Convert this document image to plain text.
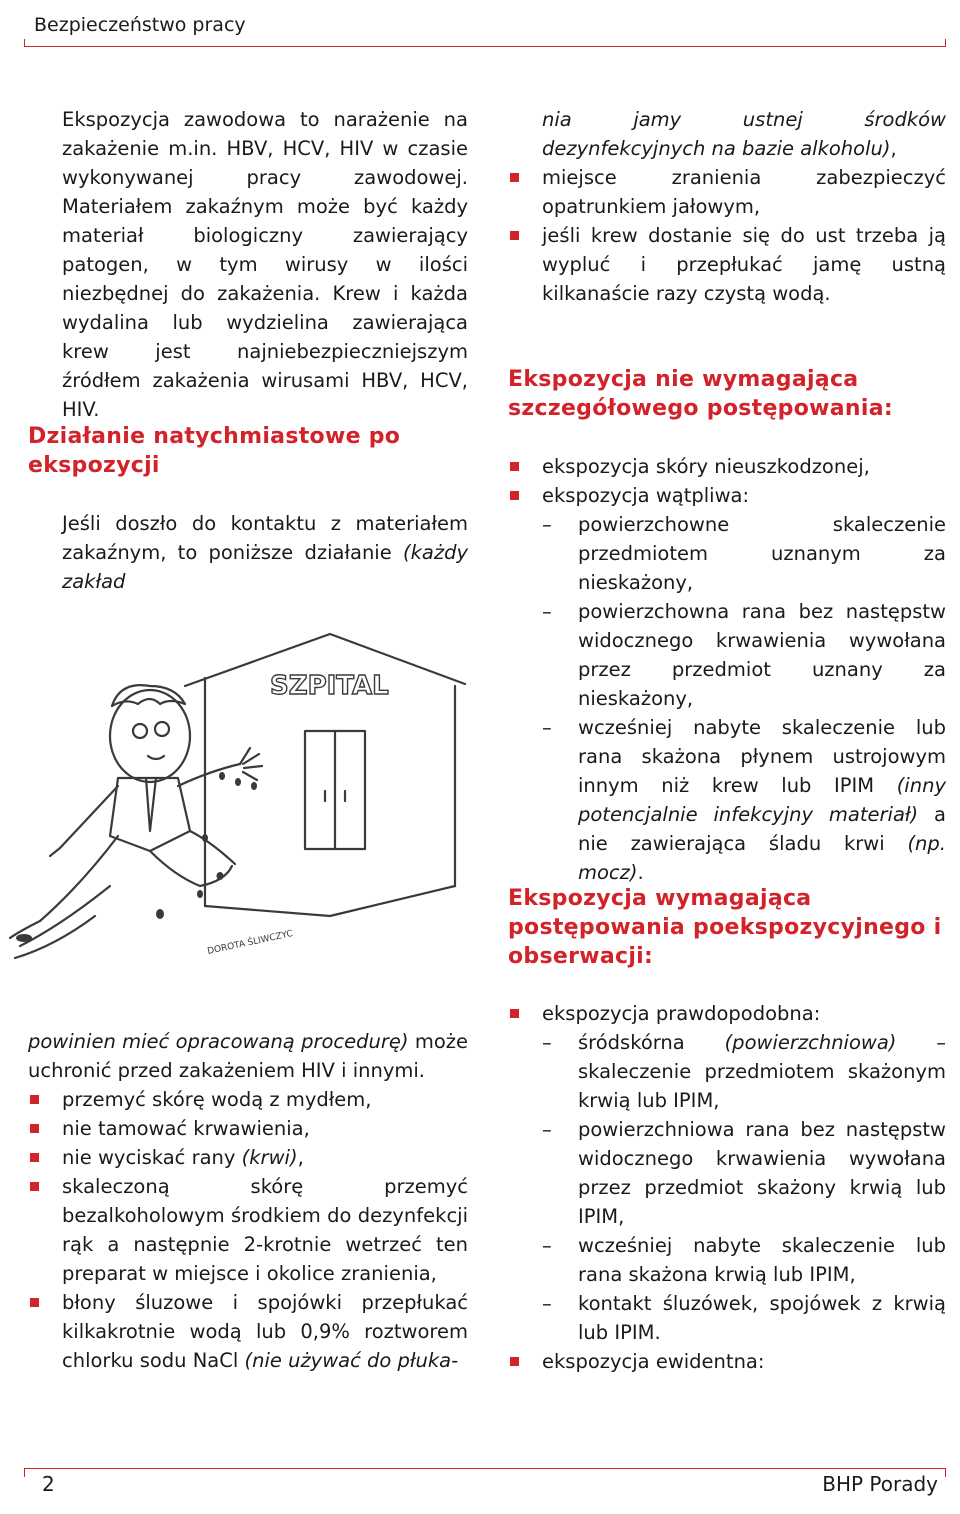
Bezpieczeństwo pracy

Ekspozycja zawodowa to narażenie na zakażenie m.in. HBV, HCV, HIV w czasie wykonywanej pracy zawodowej. Materiałem zakaźnym może być każdy materiał biologiczny zawierający patogen, w tym wirusy w ilości niezbędnej do zakażenia. Krew i każda wydalina lub wydzielina zawierająca krew jest najniebezpieczniejszym źródłem zakażenia wirusami HBV, HCV, HIV.

Działanie natychmiastowe po ekspozycji

Jeśli doszło do kontaktu z materiałem zakaźnym, to poniższe działanie (każdy zakład

SZPITAL
DOROTA ŚLIWCZYC

powinien mieć opracowaną procedurę) może uchronić przed zakażeniem HIV i innymi.

przemyć skórę wodą z mydłem,
nie tamować krwawienia,
nie wyciskać rany (krwi),
skaleczoną skórę przemyć bezalkoholowym środkiem do dezynfekcji rąk a następnie 2-krotnie wetrzeć ten preparat w miejsce i okolice zranienia,
błony śluzowe i spojówki przepłukać kilkakrotnie wodą lub 0,9% roztworem chlorku sodu NaCl (nie używać do płuka-

nia jamy ustnej środków dezynfekcyjnych na bazie alkoholu),

miejsce zranienia zabezpieczyć opatrunkiem jałowym,
jeśli krew dostanie się do ust trzeba ją wypluć i przepłukać jamę ustną kilkanaście razy czystą wodą.

Ekspozycja nie wymagająca szczegółowego postępowania:

ekspozycja skóry nieuszkodzonej,
ekspozycja wątpliwa:
– powierzchowne skaleczenie przedmiotem uznanym za nieskażony,
– powierzchowna rana bez następstw widocznego krwawienia wywołana przez przedmiot uznany za nieskażony,
– wcześniej nabyte skaleczenie lub rana skażona płynem ustrojowym innym niż krew lub IPIM (inny potencjalnie infekcyjny materiał) a nie zawierająca śladu krwi (np. mocz).

Ekspozycja wymagająca postępowania poekspozycyjnego i obserwacji:

ekspozycja prawdopodobna:
– śródskórna (powierzchniowa) – skaleczenie przedmiotem skażonym krwią lub IPIM,
– powierzchniowa rana bez następstw widocznego krwawienia wywołana przez przedmiot skażony krwią lub IPIM,
– wcześniej nabyte skaleczenie lub rana skażona krwią lub IPIM,
– kontakt śluzówek, spojówek z krwią lub IPIM.
ekspozycja ewidentna:
2	BHP Porady
